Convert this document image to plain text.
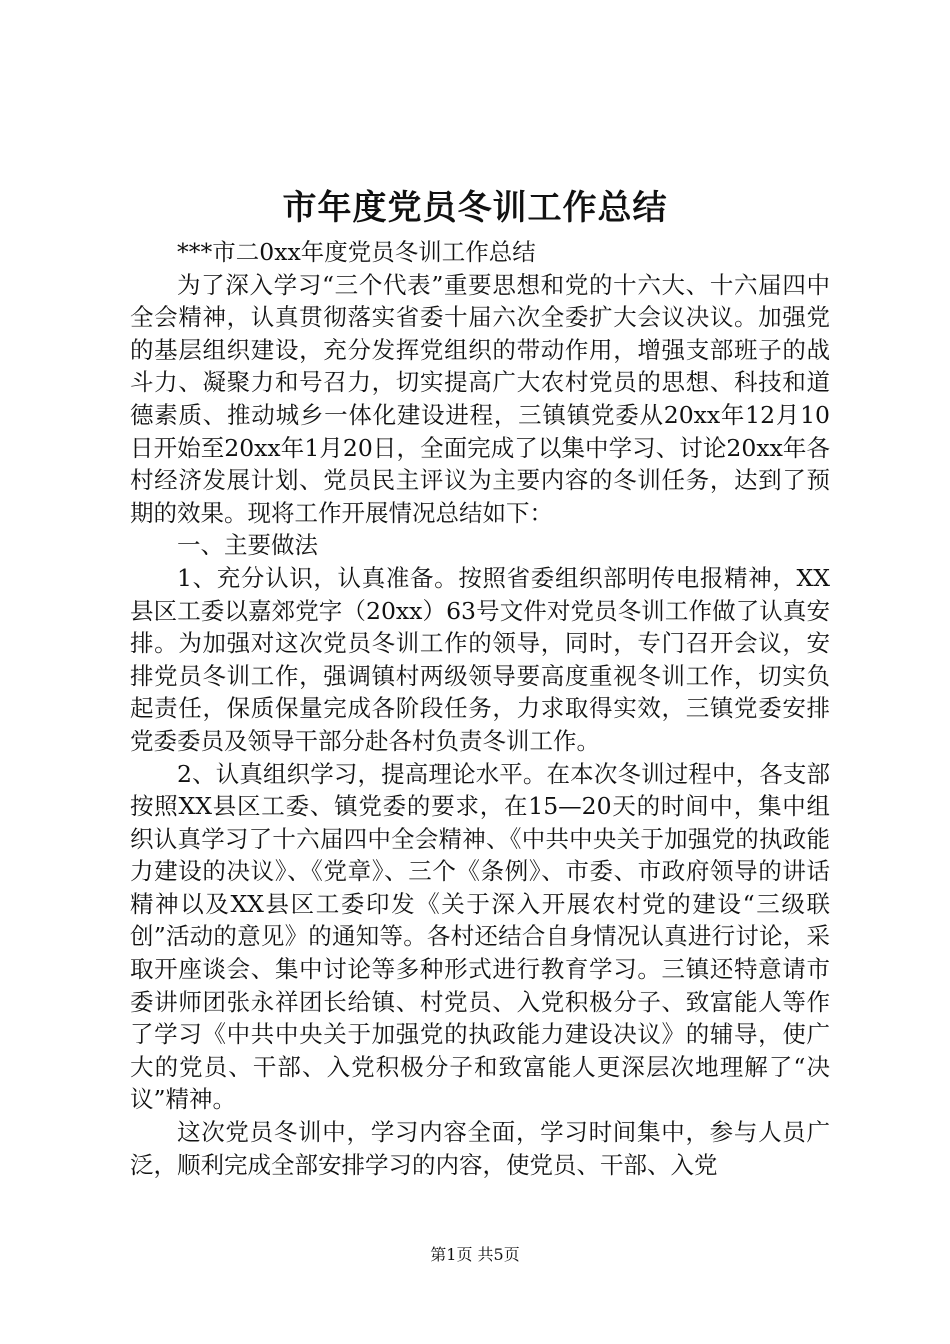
市年度党员冬训工作总结

***市二0xx年度党员冬训工作总结

为了深入学习“三个代表”重要思想和党的十六大、十六届四中全会精神，认真贯彻落实省委十届六次全委扩大会议决议。加强党的基层组织建设，充分发挥党组织的带动作用，增强支部班子的战斗力、凝聚力和号召力，切实提高广大农村党员的思想、科技和道德素质、推动城乡一体化建设进程，三镇镇党委从20xx年12月10日开始至20xx年1月20日，全面完成了以集中学习、讨论20xx年各村经济发展计划、党员民主评议为主要内容的冬训任务，达到了预期的效果。现将工作开展情况总结如下：

一、主要做法

1、充分认识，认真准备。按照省委组织部明传电报精神，XX县区工委以嘉郊党字（20xx）63号文件对党员冬训工作做了认真安排。为加强对这次党员冬训工作的领导，同时，专门召开会议，安排党员冬训工作，强调镇村两级领导要高度重视冬训工作，切实负起责任，保质保量完成各阶段任务，力求取得实效，三镇党委安排党委委员及领导干部分赴各村负责冬训工作。

2、认真组织学习，提高理论水平。在本次冬训过程中，各支部按照XX县区工委、镇党委的要求，在15—20天的时间中，集中组织认真学习了十六届四中全会精神、《中共中央关于加强党的执政能力建设的决议》、《党章》、三个《条例》、市委、市政府领导的讲话精神以及XX县区工委印发《关于深入开展农村党的建设“三级联创”活动的意见》的通知等。各村还结合自身情况认真进行讨论，采取开座谈会、集中讨论等多种形式进行教育学习。三镇还特意请市委讲师团张永祥团长给镇、村党员、入党积极分子、致富能人等作了学习《中共中央关于加强党的执政能力建设决议》的辅导，使广大的党员、干部、入党积极分子和致富能人更深层次地理解了“决议”精神。

这次党员冬训中，学习内容全面，学习时间集中，参与人员广泛，顺利完成全部安排学习的内容，使党员、干部、入党

第1页 共5页
